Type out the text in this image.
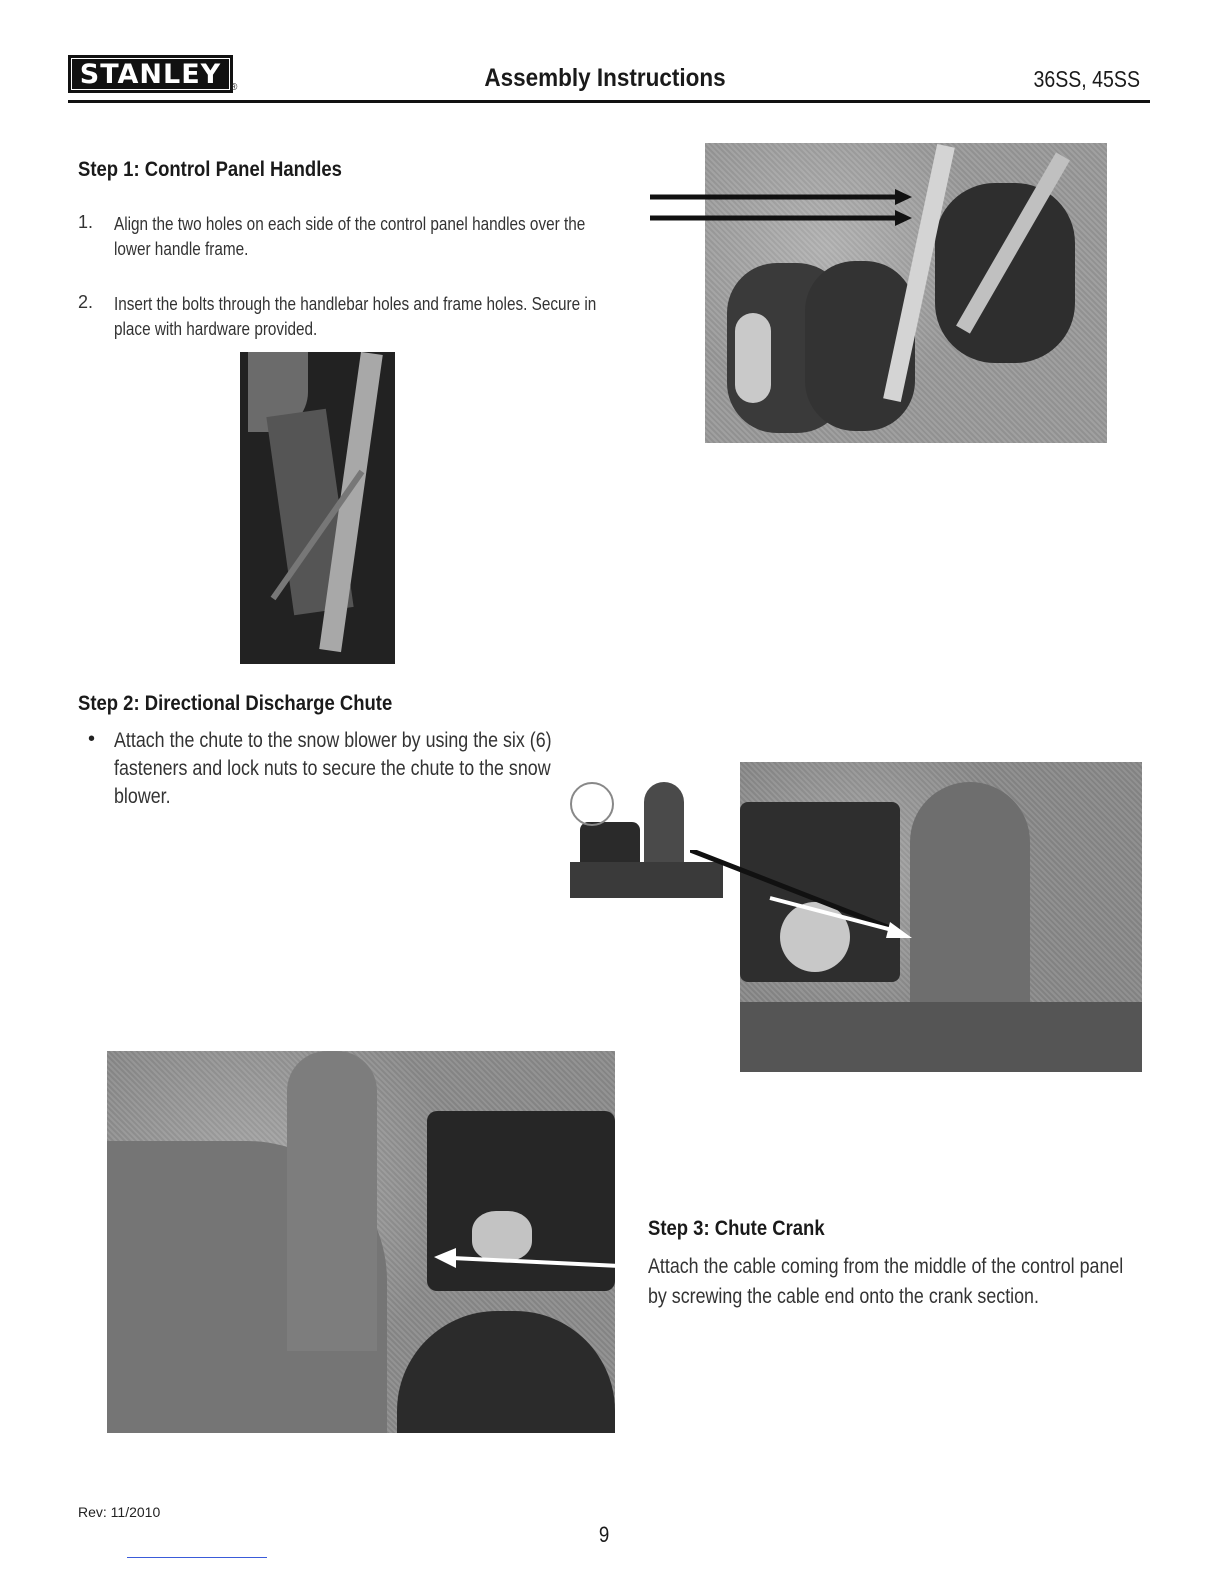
STANLEY ®	Assembly Instructions	36SS, 45SS
Step 1: Control Panel Handles
1. Align the two holes on each side of the control panel handles over the lower handle frame.
2. Insert the bolts through the handlebar holes and frame holes. Secure in place with hardware provided.
Step 2: Directional Discharge Chute
• Attach the chute to the snow blower by using the six (6) fasteners and lock nuts to secure the chute to the snow blower.
Step 3: Chute Crank
Attach the cable coming from the middle of the control panel by screwing the cable end onto the crank section.
Rev: 11/2010
9
